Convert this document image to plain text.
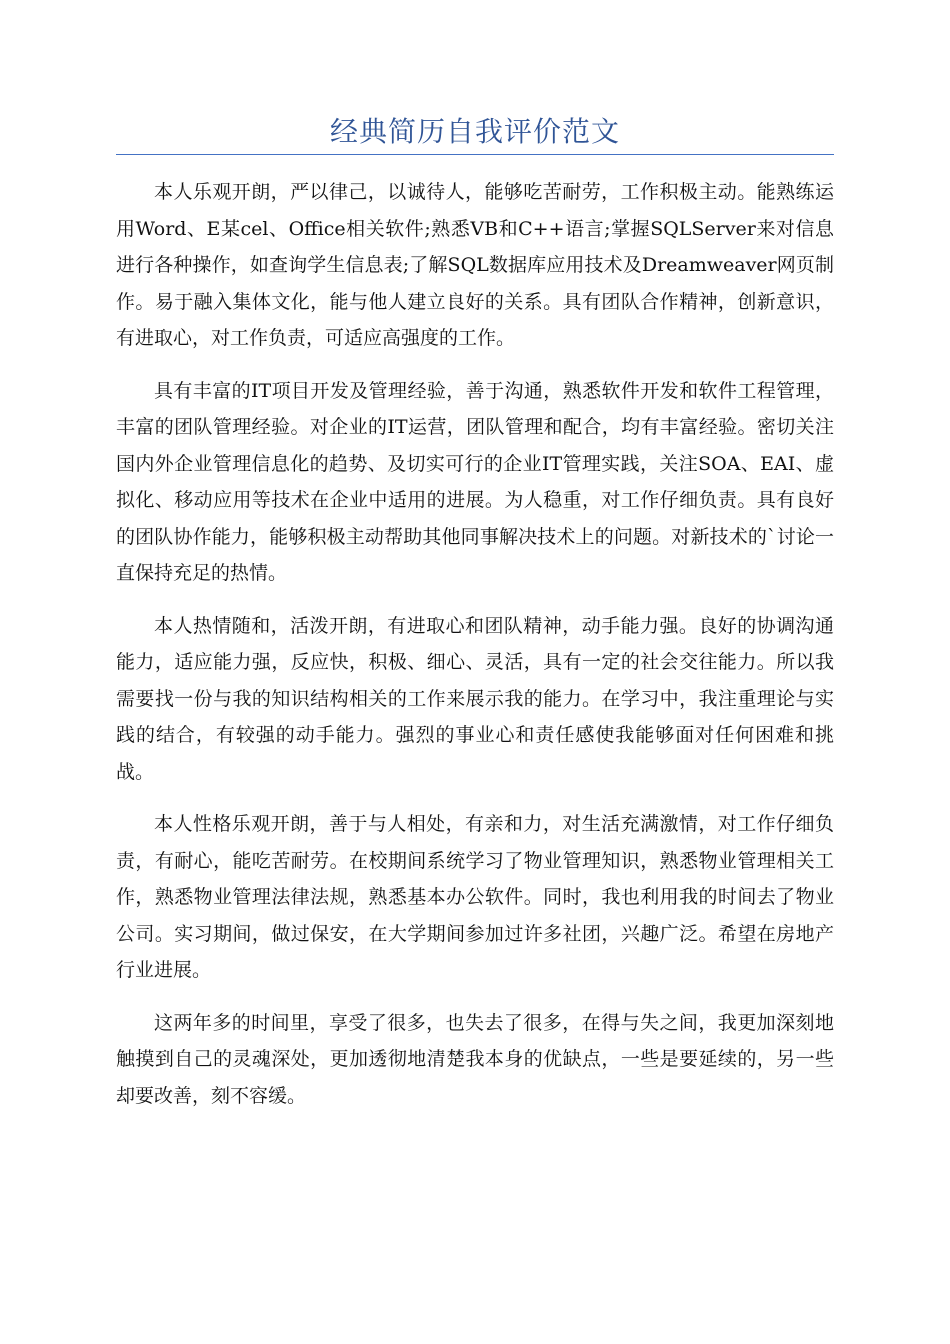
经典简历自我评价范文

本人乐观开朗，严以律己，以诚待人，能够吃苦耐劳，工作积极主动。能熟练运用Word、E某cel、Office相关软件;熟悉VB和C++语言;掌握SQLServer来对信息进行各种操作，如查询学生信息表;了解SQL数据库应用技术及Dreamweaver网页制作。易于融入集体文化，能与他人建立良好的关系。具有团队合作精神，创新意识，有进取心，对工作负责，可适应高强度的工作。

具有丰富的IT项目开发及管理经验，善于沟通，熟悉软件开发和软件工程管理，丰富的团队管理经验。对企业的IT运营，团队管理和配合，均有丰富经验。密切关注国内外企业管理信息化的趋势、及切实可行的企业IT管理实践，关注SOA、EAI、虚拟化、移动应用等技术在企业中适用的进展。为人稳重，对工作仔细负责。具有良好的团队协作能力，能够积极主动帮助其他同事解决技术上的问题。对新技术的`讨论一直保持充足的热情。

本人热情随和，活泼开朗，有进取心和团队精神，动手能力强。良好的协调沟通能力，适应能力强，反应快，积极、细心、灵活，具有一定的社会交往能力。所以我需要找一份与我的知识结构相关的工作来展示我的能力。在学习中，我注重理论与实践的结合，有较强的动手能力。强烈的事业心和责任感使我能够面对任何困难和挑战。

本人性格乐观开朗，善于与人相处，有亲和力，对生活充满激情，对工作仔细负责，有耐心，能吃苦耐劳。在校期间系统学习了物业管理知识，熟悉物业管理相关工作，熟悉物业管理法律法规，熟悉基本办公软件。同时，我也利用我的时间去了物业公司。实习期间，做过保安，在大学期间参加过许多社团，兴趣广泛。希望在房地产行业进展。

这两年多的时间里，享受了很多，也失去了很多，在得与失之间，我更加深刻地触摸到自己的灵魂深处，更加透彻地清楚我本身的优缺点，一些是要延续的，另一些却要改善，刻不容缓。
